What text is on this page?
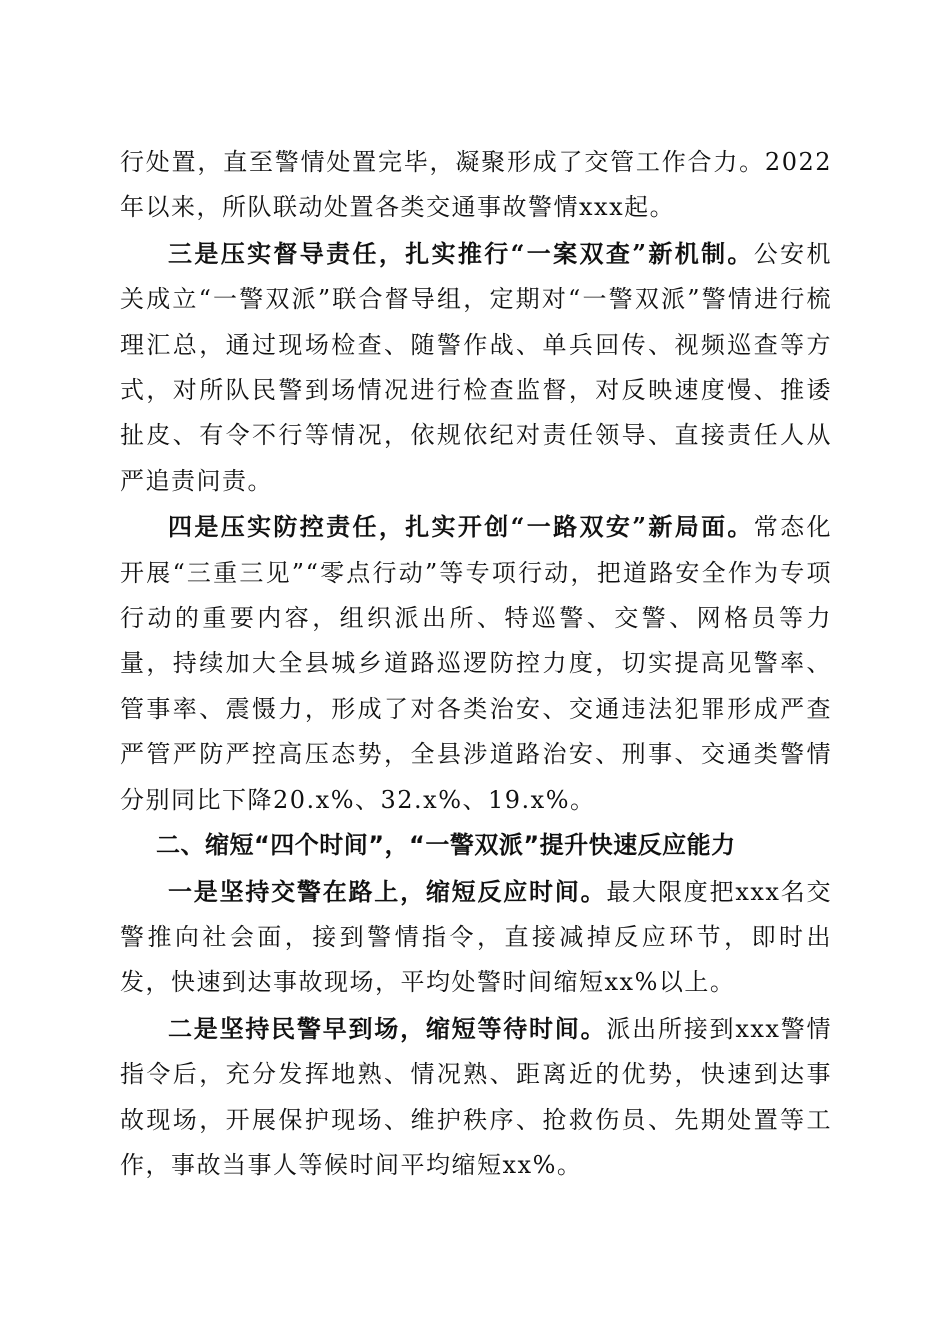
行处置，直至警情处置完毕，凝聚形成了交管工作合力。2022年以来，所队联动处置各类交通事故警情xxx起。

三是压实督导责任，扎实推行“一案双查”新机制。公安机关成立“一警双派”联合督导组，定期对“一警双派”警情进行梳理汇总，通过现场检查、随警作战、单兵回传、视频巡查等方式，对所队民警到场情况进行检查监督，对反映速度慢、推诿扯皮、有令不行等情况，依规依纪对责任领导、直接责任人从严追责问责。

四是压实防控责任，扎实开创“一路双安”新局面。常态化开展“三重三见”“零点行动”等专项行动，把道路安全作为专项行动的重要内容，组织派出所、特巡警、交警、网格员等力量，持续加大全县城乡道路巡逻防控力度，切实提高见警率、管事率、震慑力，形成了对各类治安、交通违法犯罪形成严查严管严防严控高压态势，全县涉道路治安、刑事、交通类警情分别同比下降20.x%、32.x%、19.x%。

二、缩短“四个时间”，“一警双派”提升快速反应能力

一是坚持交警在路上，缩短反应时间。最大限度把xxx名交警推向社会面，接到警情指令，直接减掉反应环节，即时出发，快速到达事故现场，平均处警时间缩短xx%以上。

二是坚持民警早到场，缩短等待时间。派出所接到xxx警情指令后，充分发挥地熟、情况熟、距离近的优势，快速到达事故现场，开展保护现场、维护秩序、抢救伤员、先期处置等工作，事故当事人等候时间平均缩短xx%。
